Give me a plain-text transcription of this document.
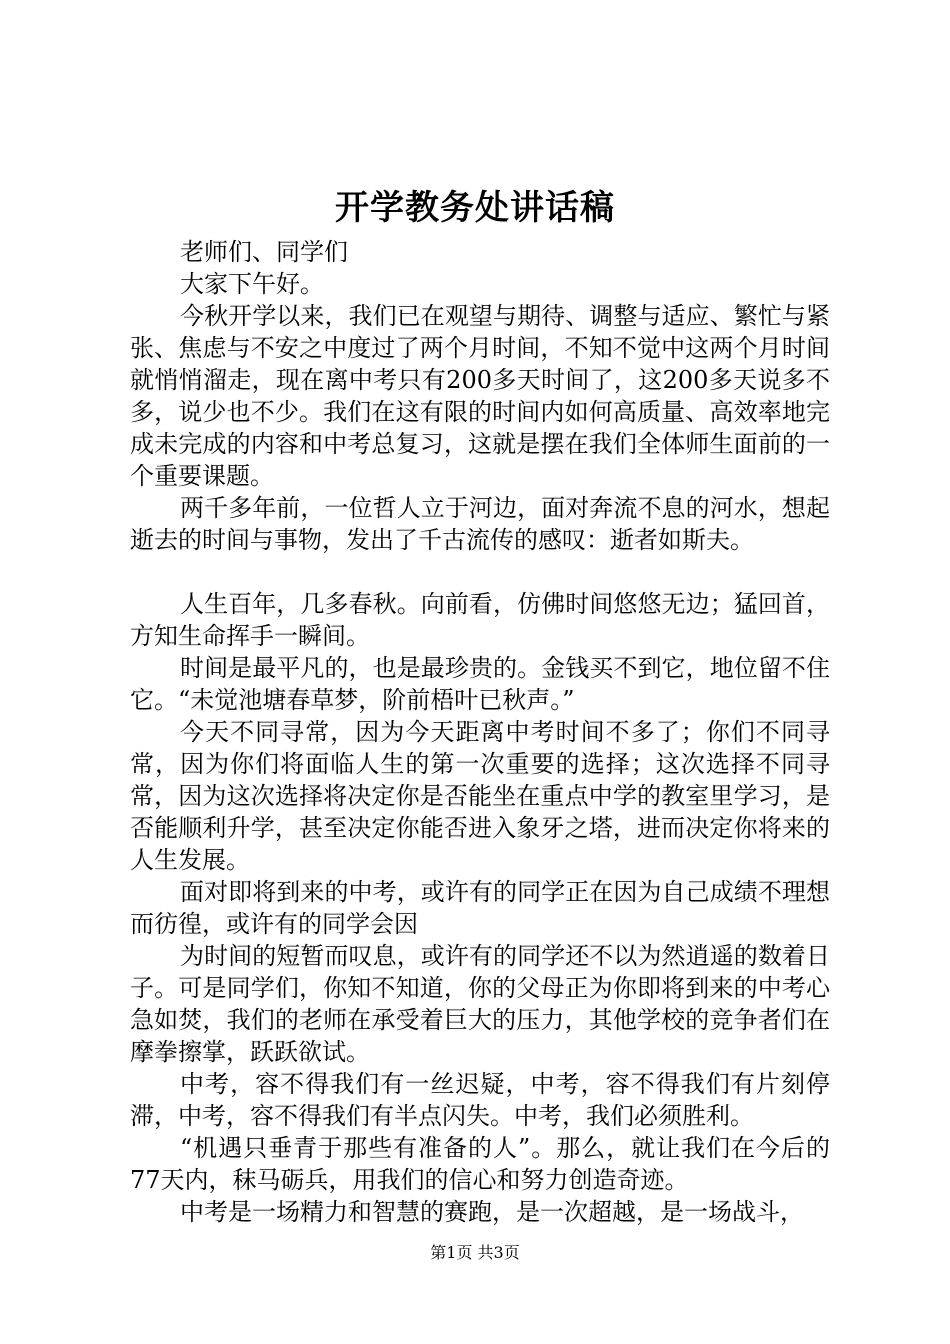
开学教务处讲话稿

老师们、同学们

大家下午好。

今秋开学以来，我们已在观望与期待、调整与适应、繁忙与紧张、焦虑与不安之中度过了两个月时间，不知不觉中这两个月时间就悄悄溜走，现在离中考只有200多天时间了，这200多天说多不多，说少也不少。我们在这有限的时间内如何高质量、高效率地完成未完成的内容和中考总复习，这就是摆在我们全体师生面前的一个重要课题。

两千多年前，一位哲人立于河边，面对奔流不息的河水，想起逝去的时间与事物，发出了千古流传的感叹：逝者如斯夫。

人生百年，几多春秋。向前看，仿佛时间悠悠无边；猛回首，方知生命挥手一瞬间。

时间是最平凡的，也是最珍贵的。金钱买不到它，地位留不住它。“未觉池塘春草梦，阶前梧叶已秋声。”

今天不同寻常，因为今天距离中考时间不多了；你们不同寻常，因为你们将面临人生的第一次重要的选择；这次选择不同寻常，因为这次选择将决定你是否能坐在重点中学的教室里学习，是否能顺利升学，甚至决定你能否进入象牙之塔，进而决定你将来的人生发展。

面对即将到来的中考，或许有的同学正在因为自己成绩不理想而彷徨，或许有的同学会因

为时间的短暂而叹息，或许有的同学还不以为然逍遥的数着日子。可是同学们，你知不知道，你的父母正为你即将到来的中考心急如焚，我们的老师在承受着巨大的压力，其他学校的竞争者们在摩拳擦掌，跃跃欲试。

中考，容不得我们有一丝迟疑，中考，容不得我们有片刻停滞，中考，容不得我们有半点闪失。中考，我们必须胜利。

“机遇只垂青于那些有准备的人”。那么，就让我们在今后的77天内，秣马砺兵，用我们的信心和努力创造奇迹。

中考是一场精力和智慧的赛跑，是一次超越，是一场战斗，

第1页 共3页
